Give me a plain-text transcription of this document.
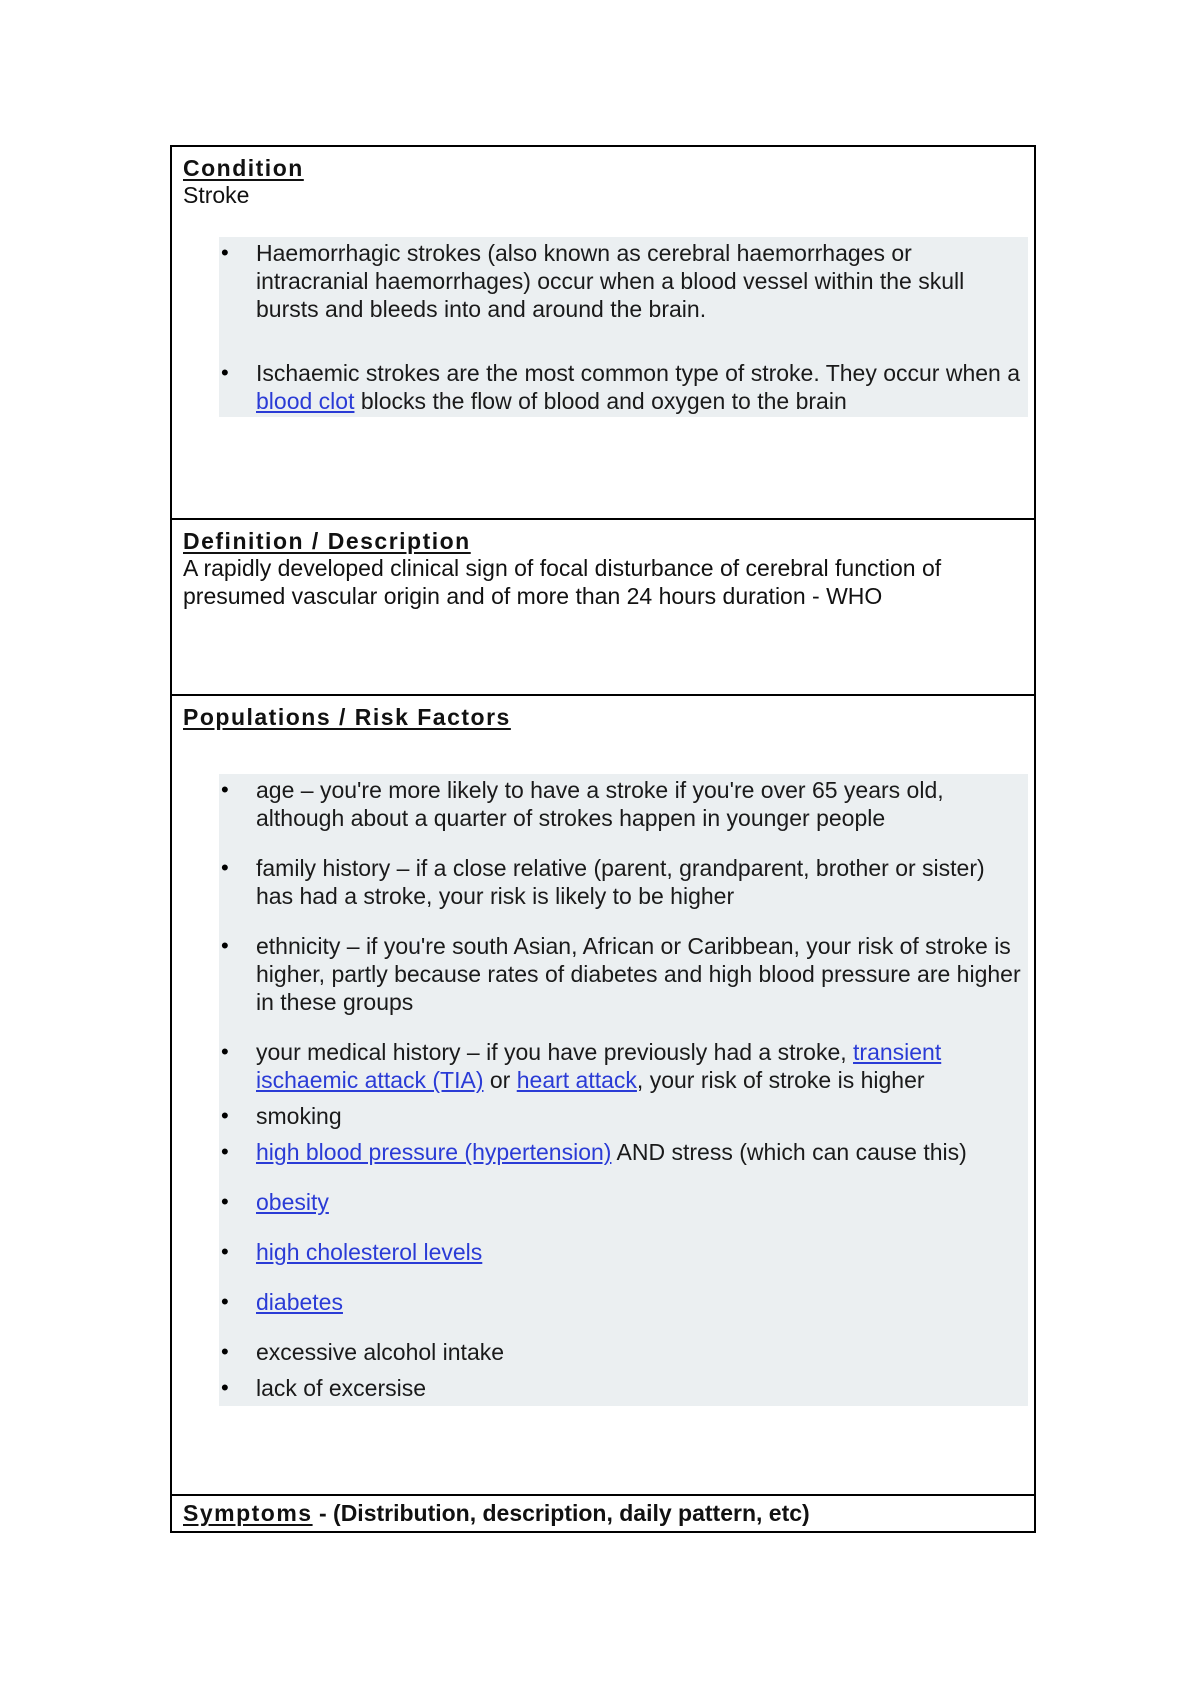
Condition
Stroke
• Haemorrhagic strokes (also known as cerebral haemorrhages or intracranial haemorrhages) occur when a blood vessel within the skull bursts and bleeds into and around the brain.
• Ischaemic strokes are the most common type of stroke. They occur when a blood clot blocks the flow of blood and oxygen to the brain
Definition / Description
A rapidly developed clinical sign of focal disturbance of cerebral function of presumed vascular origin and of more than 24 hours duration - WHO
Populations / Risk Factors
• age – you're more likely to have a stroke if you're over 65 years old, although about a quarter of strokes happen in younger people
• family history – if a close relative (parent, grandparent, brother or sister) has had a stroke, your risk is likely to be higher
• ethnicity – if you're south Asian, African or Caribbean, your risk of stroke is higher, partly because rates of diabetes and high blood pressure are higher in these groups
• your medical history – if you have previously had a stroke, transient ischaemic attack (TIA) or heart attack, your risk of stroke is higher
• smoking
• high blood pressure (hypertension) AND stress (which can cause this)
• obesity
• high cholesterol levels
• diabetes
• excessive alcohol intake
• lack of excersise
Symptoms - (Distribution, description, daily pattern, etc)
